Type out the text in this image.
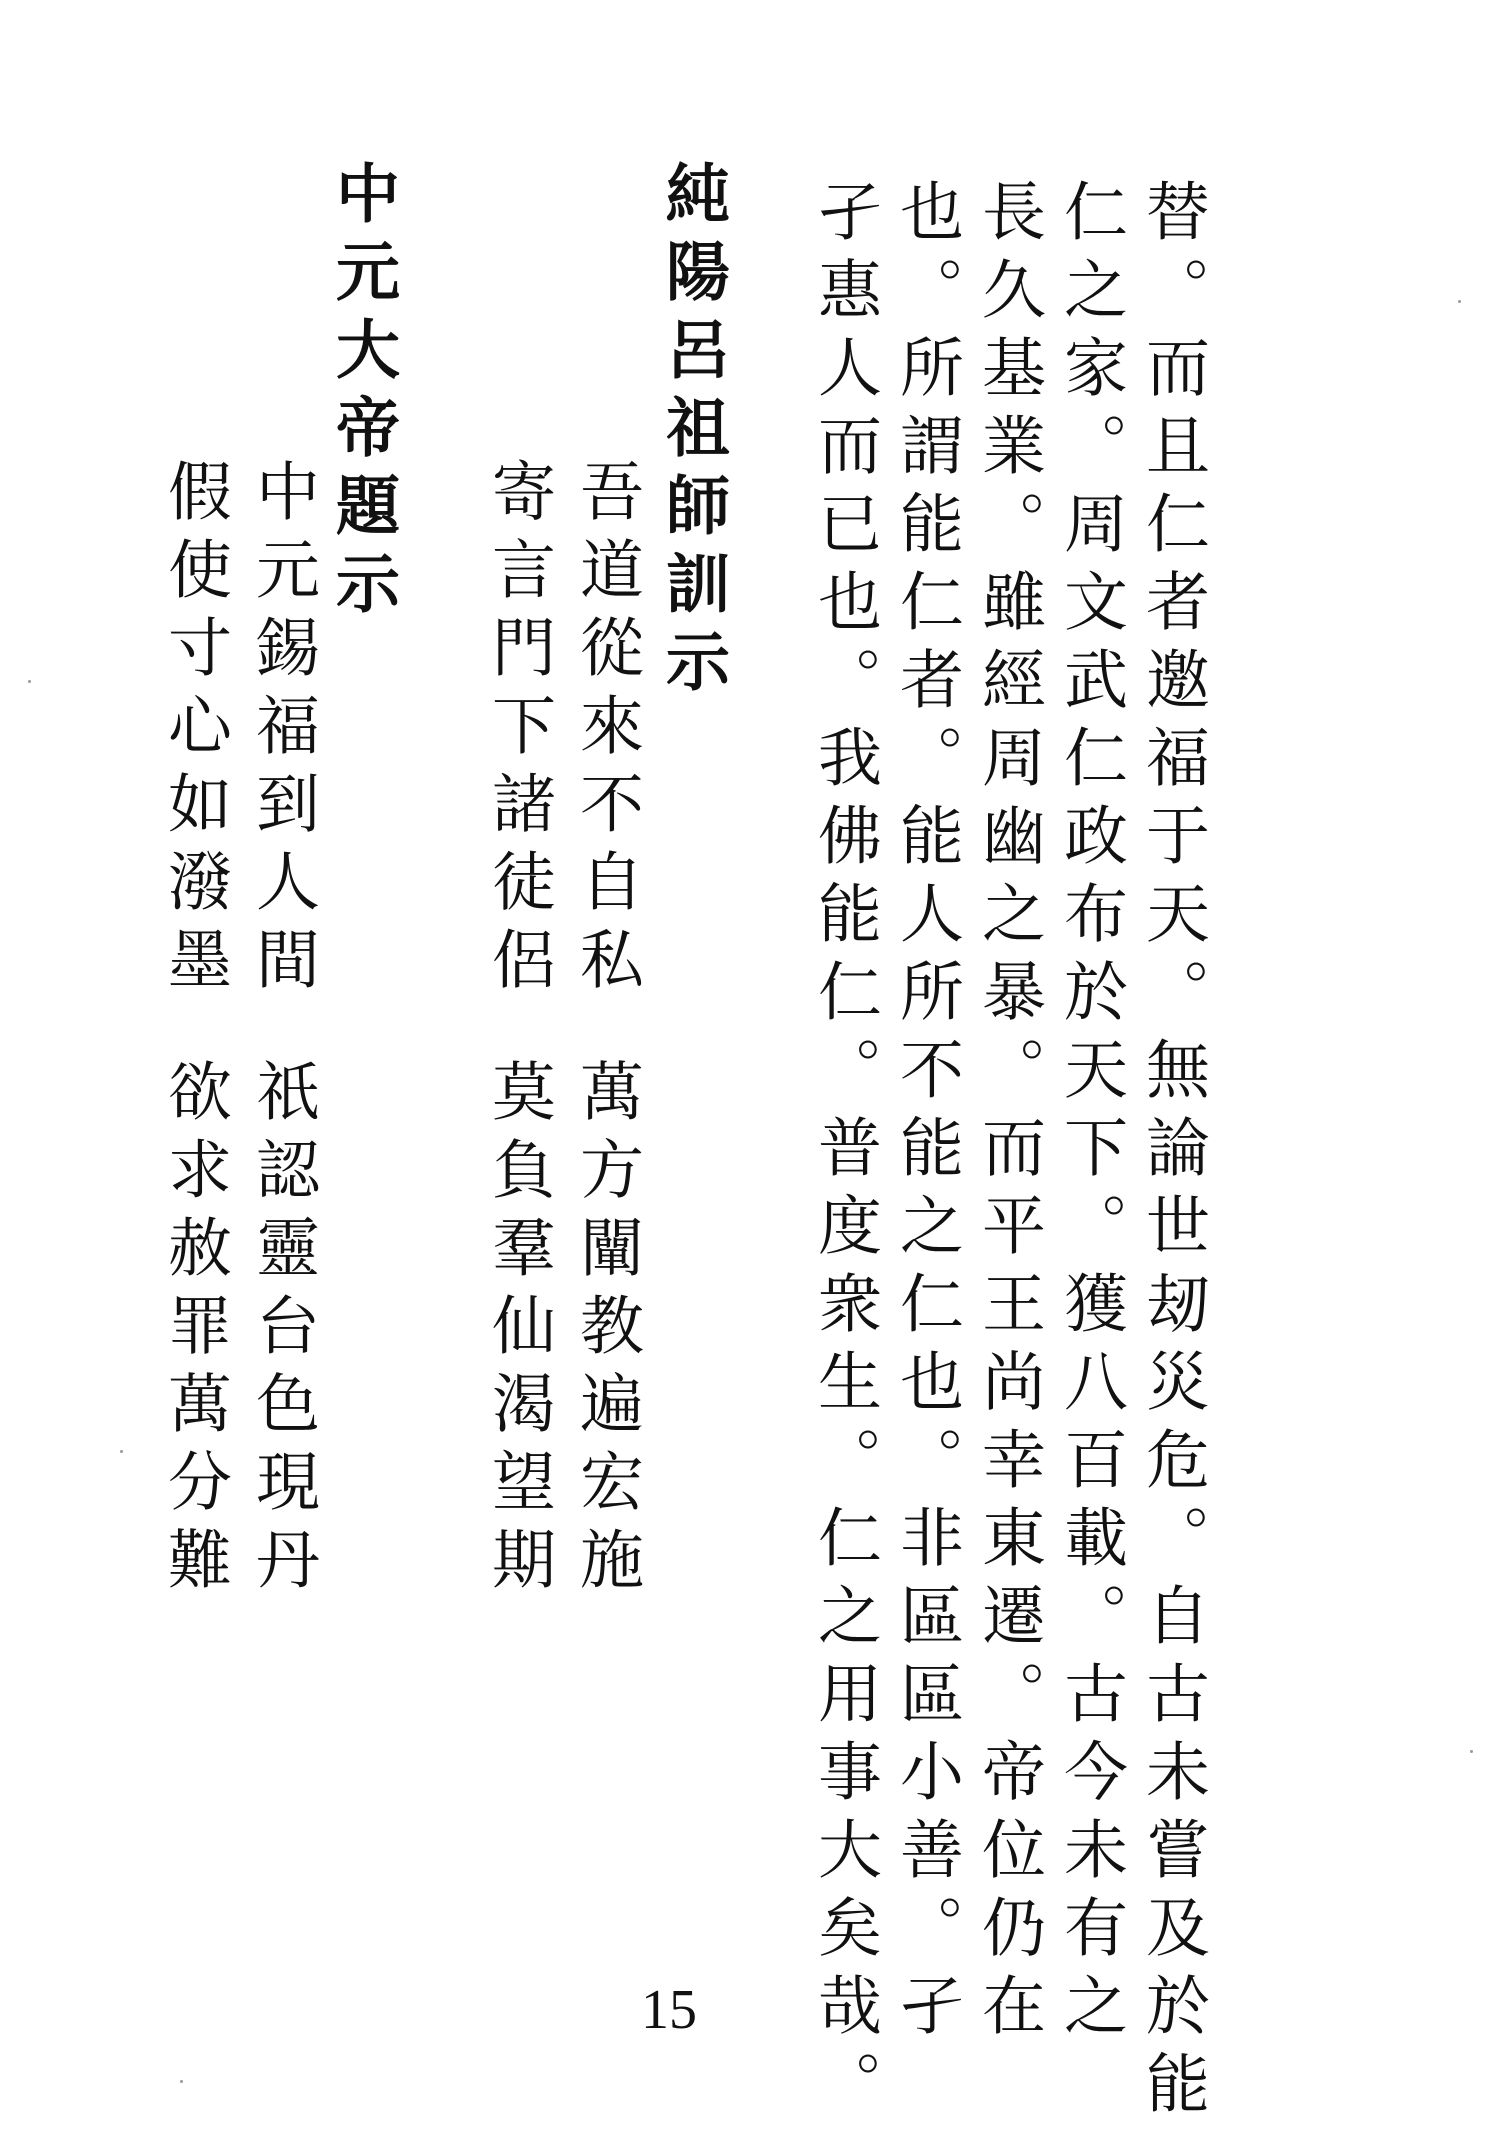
替。而且仁者邀福于天。無論世刼災危。自古未嘗及於能
仁之家。周文武仁政布於天下。獲八百載。古今未有之
長久基業。雖經周幽之暴。而平王尚幸東遷。帝位仍在
也。所謂能仁者。能人所不能之仁也。非區區小善。孑
孑惠人而已也。我佛能仁。普度衆生。仁之用事大矣哉。
純陽呂祖師訓示
吾道從來不自私
萬方闡教遍宏施
寄言門下諸徒侶
莫負羣仙渴望期
中元大帝題示
中元錫福到人間
祇認靈台色現丹
假使寸心如潑墨
欲求赦罪萬分難
15
